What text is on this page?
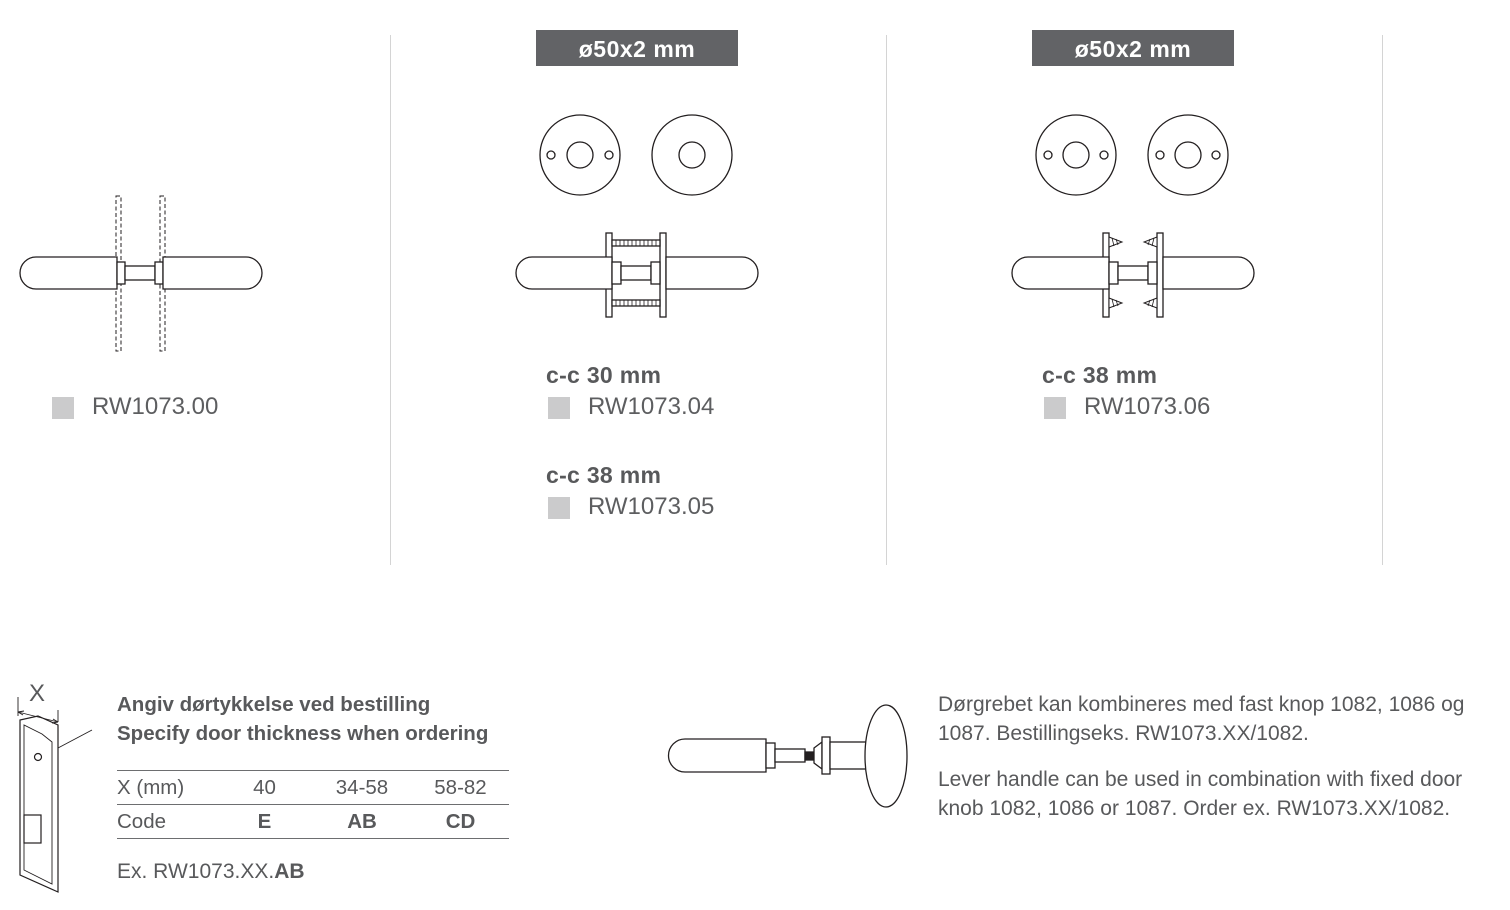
RW1073.00
ø50x2 mm
c-c 30 mm
RW1073.04
c-c 38 mm
RW1073.05
ø50x2 mm
c-c 38 mm
RW1073.06
X	Angiv dørtykkelse ved bestilling
Specify door thickness when ordering
X (mm)	40	34-58	58-82
Code	E	AB	CD
Ex. RW1073.XX.AB

Dørgrebet kan kombineres med fast knop 1082, 1086 og 1087. Bestillingseks. RW1073.XX/1082.

Lever handle can be used in combination with fixed door knob 1082, 1086 or 1087. Order ex. RW1073.XX/1082.
